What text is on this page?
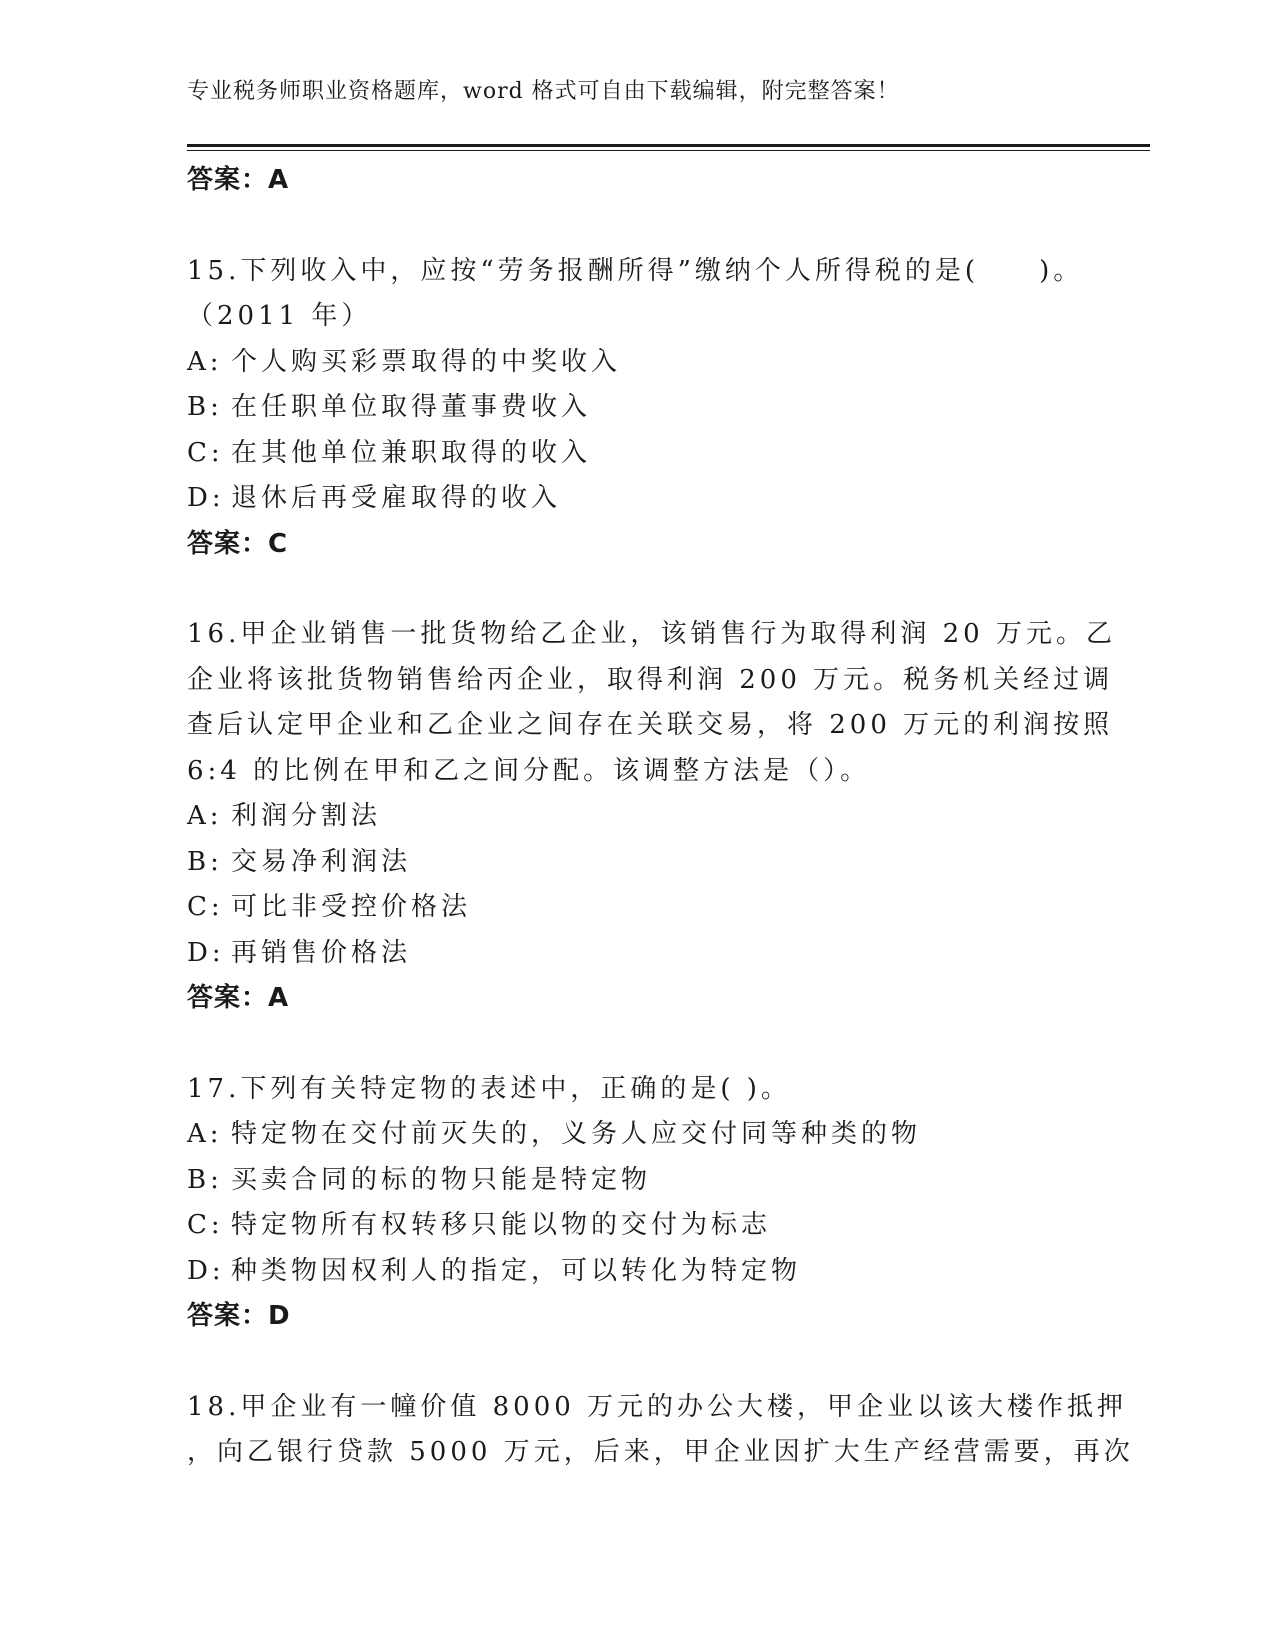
专业税务师职业资格题库，word 格式可自由下载编辑，附完整答案！
答案：A
15.下列收入中，应按“劳务报酬所得”缴纳个人所得税的是(　　)。
（2011 年）
A: 个人购买彩票取得的中奖收入
B: 在任职单位取得董事费收入
C: 在其他单位兼职取得的收入
D: 退休后再受雇取得的收入
答案：C
16.甲企业销售一批货物给乙企业，该销售行为取得利润 20 万元。乙
企业将该批货物销售给丙企业，取得利润 200 万元。税务机关经过调
查后认定甲企业和乙企业之间存在关联交易，将 200 万元的利润按照
6:4 的比例在甲和乙之间分配。该调整方法是（）。
A: 利润分割法
B: 交易净利润法
C: 可比非受控价格法
D: 再销售价格法
答案：A
17.下列有关特定物的表述中，正确的是( )。
A: 特定物在交付前灭失的，义务人应交付同等种类的物
B: 买卖合同的标的物只能是特定物
C: 特定物所有权转移只能以物的交付为标志
D: 种类物因权利人的指定，可以转化为特定物
答案：D
18.甲企业有一幢价值 8000 万元的办公大楼，甲企业以该大楼作抵押
，向乙银行贷款 5000 万元，后来，甲企业因扩大生产经营需要，再次
